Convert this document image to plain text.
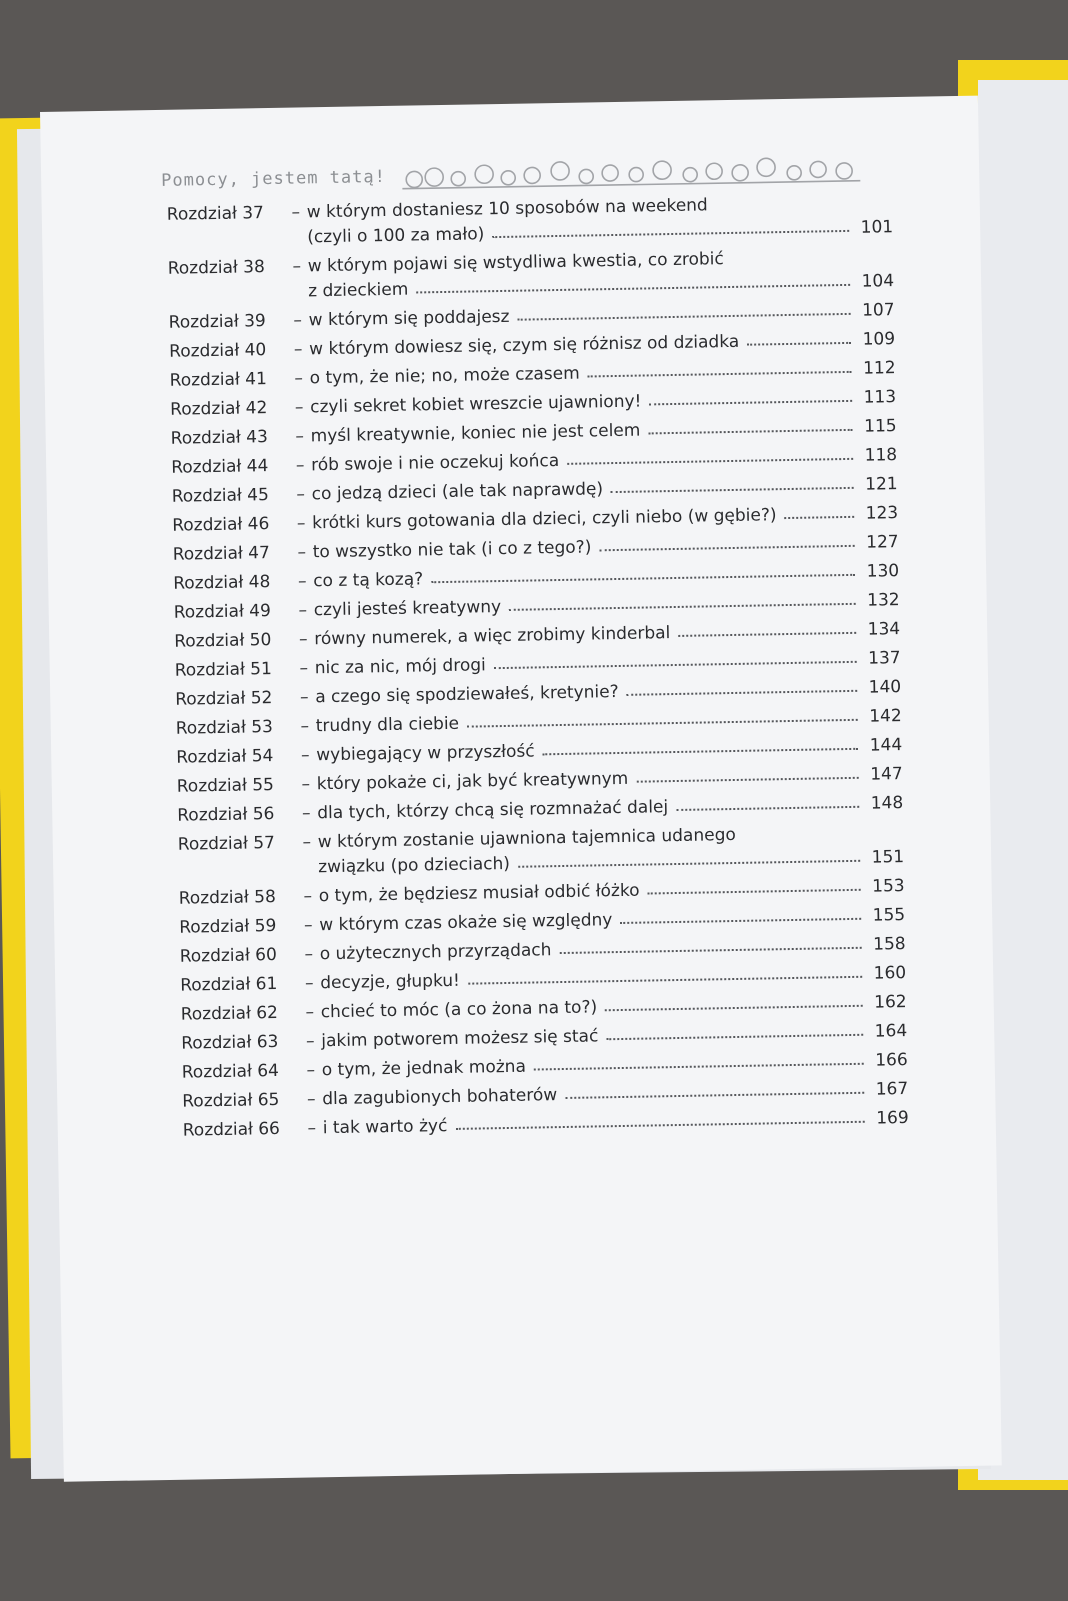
Pomocy, jestem tatą!
Rozdział 37	– w którym dostaniesz 10 sposobów na weekend
(czyli o 100 za mało)	101
Rozdział 38	– w którym pojawi się wstydliwa kwestia, co zrobić
z dzieckiem	104
Rozdział 39	– w którym się poddajesz	107
Rozdział 40	– w którym dowiesz się, czym się różnisz od dziadka	109
Rozdział 41	– o tym, że nie; no, może czasem	112
Rozdział 42	– czyli sekret kobiet wreszcie ujawniony!	113
Rozdział 43	– myśl kreatywnie, koniec nie jest celem	115
Rozdział 44	– rób swoje i nie oczekuj końca	118
Rozdział 45	– co jedzą dzieci (ale tak naprawdę)	121
Rozdział 46	– krótki kurs gotowania dla dzieci, czyli niebo (w gębie?)	123
Rozdział 47	– to wszystko nie tak (i co z tego?)	127
Rozdział 48	– co z tą kozą?	130
Rozdział 49	– czyli jesteś kreatywny	132
Rozdział 50	– równy numerek, a więc zrobimy kinderbal	134
Rozdział 51	– nic za nic, mój drogi	137
Rozdział 52	– a czego się spodziewałeś, kretynie?	140
Rozdział 53	– trudny dla ciebie	142
Rozdział 54	– wybiegający w przyszłość	144
Rozdział 55	– który pokaże ci, jak być kreatywnym	147
Rozdział 56	– dla tych, którzy chcą się rozmnażać dalej	148
Rozdział 57	– w którym zostanie ujawniona tajemnica udanego
związku (po dzieciach)	151
Rozdział 58	– o tym, że będziesz musiał odbić łóżko	153
Rozdział 59	– w którym czas okaże się względny	155
Rozdział 60	– o użytecznych przyrządach	158
Rozdział 61	– decyzje, głupku!	160
Rozdział 62	– chcieć to móc (a co żona na to?)	162
Rozdział 63	– jakim potworem możesz się stać	164
Rozdział 64	– o tym, że jednak można	166
Rozdział 65	– dla zagubionych bohaterów	167
Rozdział 66	– i tak warto żyć	169
